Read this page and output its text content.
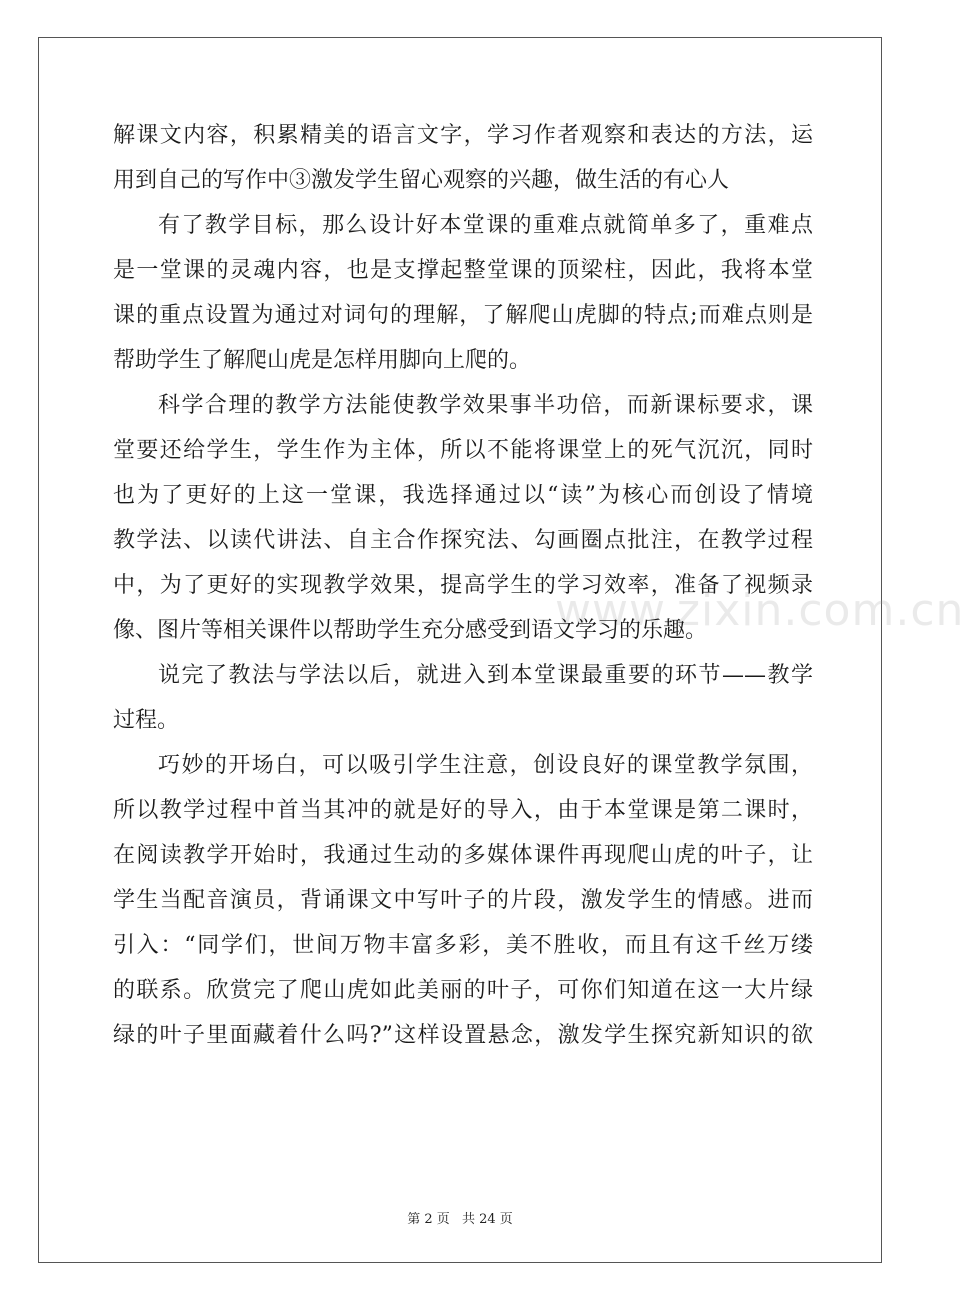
www.zixin.com.cn
解课文内容，积累精美的语言文字，学习作者观察和表达的方法，运
用到自己的写作中③激发学生留心观察的兴趣，做生活的有心人
有了教学目标，那么设计好本堂课的重难点就简单多了，重难点
是一堂课的灵魂内容，也是支撑起整堂课的顶梁柱，因此，我将本堂
课的重点设置为通过对词句的理解，了解爬山虎脚的特点;而难点则是
帮助学生了解爬山虎是怎样用脚向上爬的。
科学合理的教学方法能使教学效果事半功倍，而新课标要求，课
堂要还给学生，学生作为主体，所以不能将课堂上的死气沉沉，同时
也为了更好的上这一堂课，我选择通过以“读”为核心而创设了情境
教学法、以读代讲法、自主合作探究法、勾画圈点批注，在教学过程
中，为了更好的实现教学效果，提高学生的学习效率，准备了视频录
像、图片等相关课件以帮助学生充分感受到语文学习的乐趣。
说完了教法与学法以后，就进入到本堂课最重要的环节——教学
过程。
巧妙的开场白，可以吸引学生注意，创设良好的课堂教学氛围，
所以教学过程中首当其冲的就是好的导入，由于本堂课是第二课时，
在阅读教学开始时，我通过生动的多媒体课件再现爬山虎的叶子，让
学生当配音演员，背诵课文中写叶子的片段，激发学生的情感。进而
引入：“同学们，世间万物丰富多彩，美不胜收，而且有这千丝万缕
的联系。欣赏完了爬山虎如此美丽的叶子，可你们知道在这一大片绿
绿的叶子里面藏着什么吗?”这样设置悬念，激发学生探究新知识的欲
第 2 页 共 24 页
